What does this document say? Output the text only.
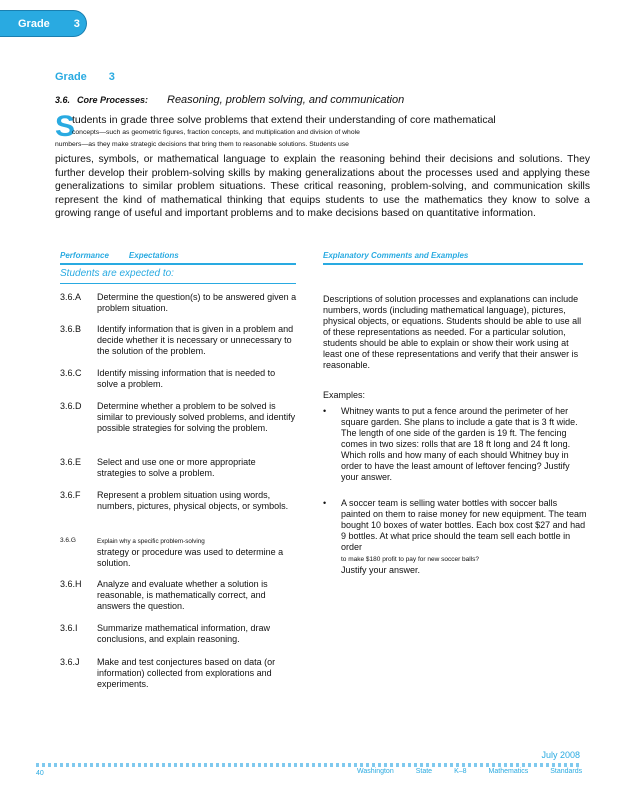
Grade 3
Grade 3
3.6. Core Processes:	Reasoning, problem solving, and communication
S
tudents in grade three solve problems that extend their understanding of core mathematical
concepts—such as geometric figures, fraction concepts, and multiplication and division of whole
numbers—as they make strategic decisions that bring them to reasonable solutions. Students use
pictures, symbols, or mathematical language to explain the reasoning behind their decisions and solutions. They further develop their problem-solving skills by making generalizations about the processes used and applying these generalizations to similar problem situations. These critical reasoning, problem-solving, and communication skills represent the kind of mathematical thinking that equips students to use the mathematics they know to solve a growing range of useful and important problems and to make decisions based on quantitative information.
Performance	Expectations	Explanatory Comments and Examples
Students are expected to:
3.6.A	Determine the question(s) to be answered given a problem situation.
3.6.B	Identify information that is given in a problem and decide whether it is necessary or unnecessary to the solution of the problem.
3.6.C	Identify missing information that is needed to solve a problem.
3.6.D	Determine whether a problem to be solved is similar to previously solved problems, and identify possible strategies for solving the problem.
3.6.E	Select and use one or more appropriate strategies to solve a problem.
3.6.F	Represent a problem situation using words, numbers, pictures, physical objects, or symbols.
3.6.G	Explain why a specific problem-solving
strategy or procedure was used to determine a solution.
3.6.H	Analyze and evaluate whether a solution is reasonable, is mathematically correct, and answers the question.
3.6.I	Summarize mathematical information, draw conclusions, and explain reasoning.
3.6.J	Make and test conjectures based on data (or information) collected from explorations and experiments.
Descriptions of solution processes and explanations can include numbers, words (including mathematical language), pictures, physical objects, or equations. Students should be able to use all of these representations as needed. For a particular solution, students should be able to explain or show their work using at least one of these representations and verify that their answer is reasonable.
Examples:
•	Whitney wants to put a fence around the perimeter of her square garden. She plans to include a gate that is 3 ft wide. The length of one side of the garden is 19 ft. The fencing comes in two sizes: rolls that are 18 ft long and 24 ft long. Which rolls and how many of each should Whitney buy in order to have the least amount of leftover fencing? Justify your answer.
•	A soccer team is selling water bottles with soccer balls painted on them to raise money for new equipment. The team bought 10 boxes of water bottles. Each box cost $27 and had 9 bottles. At what price should the team sell each bottle in order
to make $180 profit to pay for new soccer balls?
Justify your answer.
July 2008
40	Washington	State	K–8	Mathematics	Standards
